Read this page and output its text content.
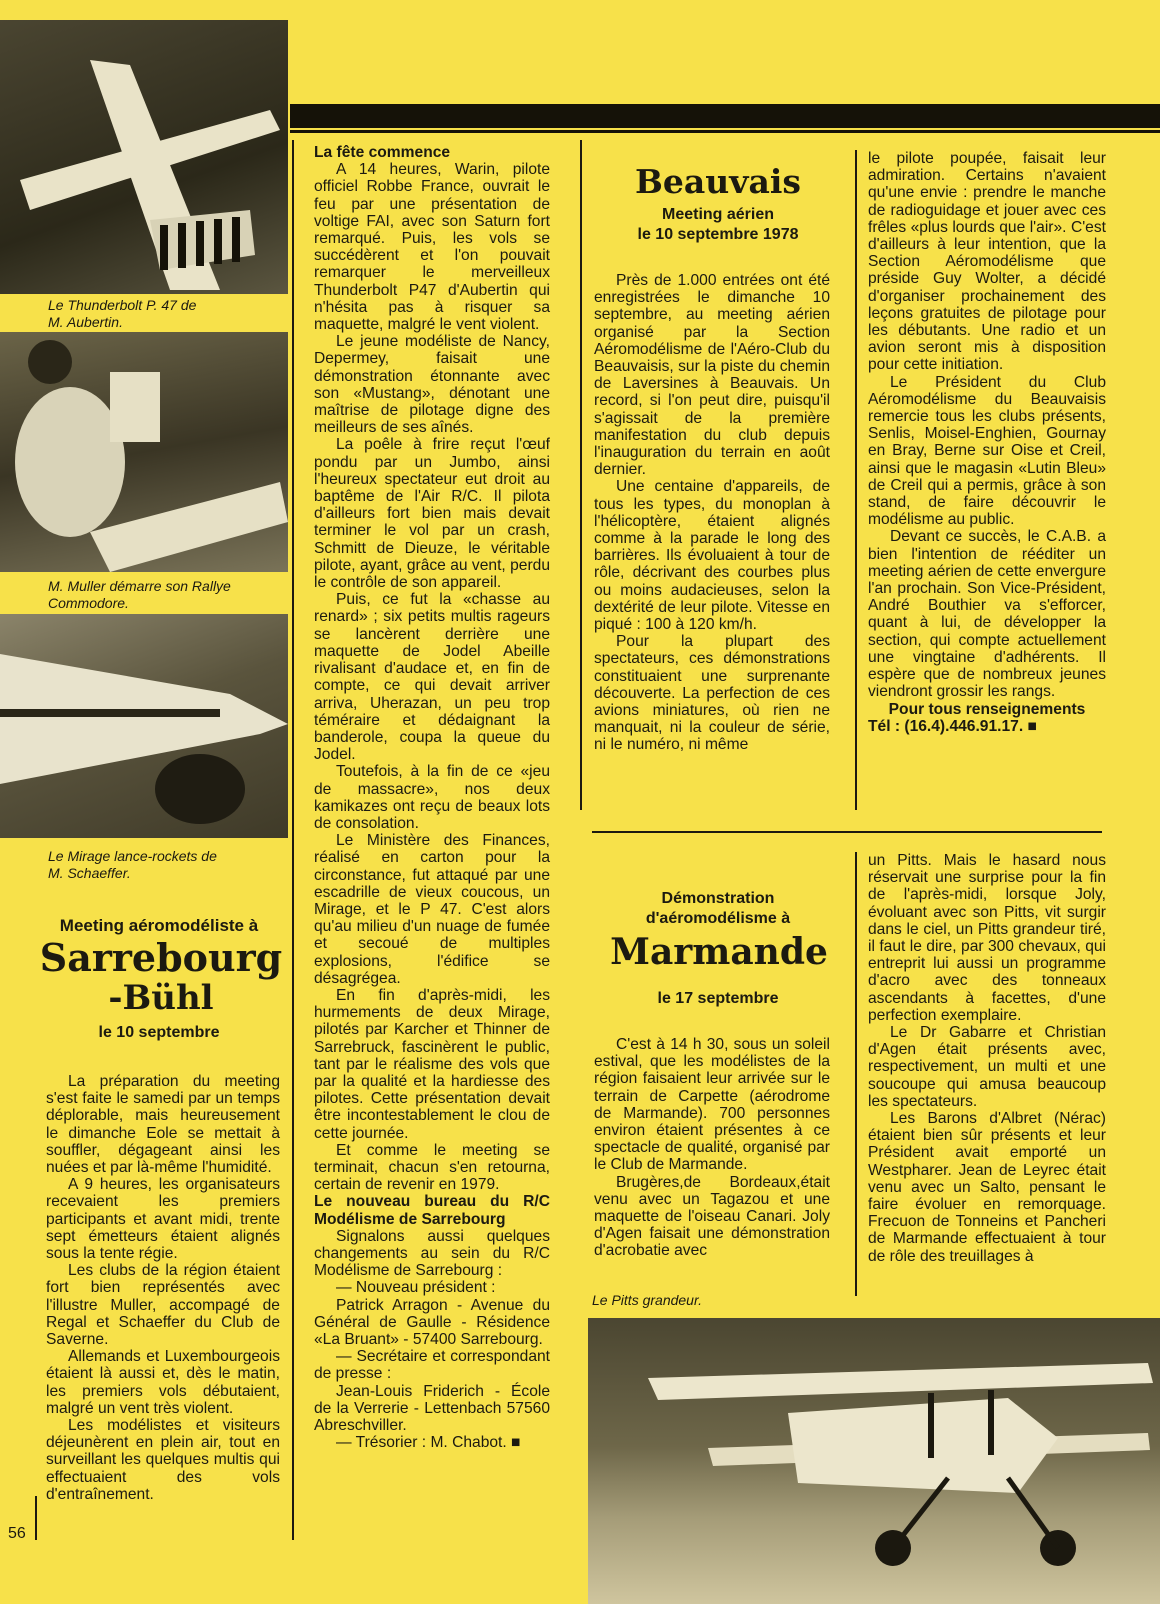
Le Thunderbolt P. 47 de
M. Aubertin.
M. Muller démarre son Rallye
Commodore.
Le Mirage lance-rockets de
M. Schaeffer.
Meeting aéromodéliste à
Sarrebourg
-Bühl
le 10 septembre

La préparation du meeting s'est faite le samedi par un temps déplorable, mais heureusement le dimanche Eole se mettait à souffler, dégageant ainsi les nuées et par là-même l'humidité.

A 9 heures, les organisateurs recevaient les premiers participants et avant midi, trente sept émetteurs étaient alignés sous la tente régie.

Les clubs de la région étaient fort bien représentés avec l'illustre Muller, accompagé de Regal et Schaeffer du Club de Saverne.

Allemands et Luxembourgeois étaient là aussi et, dès le matin, les premiers vols débutaient, malgré un vent très violent.

Les modélistes et visiteurs déjeunèrent en plein air, tout en surveillant les quelques multis qui effectuaient des vols d'entraînement.

56

La fête commence

A 14 heures, Warin, pilote officiel Robbe France, ouvrait le feu par une présentation de voltige FAI, avec son Saturn fort remarqué. Puis, les vols se succédèrent et l'on pouvait remarquer le merveilleux Thunderbolt P47 d'Aubertin qui n'hésita pas à risquer sa maquette, malgré le vent violent.

Le jeune modéliste de Nancy, Depermey, faisait une démonstration étonnante avec son «Mustang», dénotant une maîtrise de pilotage digne des meilleurs de ses aînés.

La poêle à frire reçut l'œuf pondu par un Jumbo, ainsi l'heureux spectateur eut droit au baptême de l'Air R/C. Il pilota d'ailleurs fort bien mais devait terminer le vol par un crash, Schmitt de Dieuze, le véritable pilote, ayant, grâce au vent, perdu le contrôle de son appareil.

Puis, ce fut la «chasse au renard» ; six petits multis rageurs se lancèrent derrière une maquette de Jodel Abeille rivalisant d'audace et, en fin de compte, ce qui devait arriver arriva, Uherazan, un peu trop téméraire et dédaignant la banderole, coupa la queue du Jodel.

Toutefois, à la fin de ce «jeu de massacre», nos deux kamikazes ont reçu de beaux lots de consolation.

Le Ministère des Finances, réalisé en carton pour la circonstance, fut attaqué par une escadrille de vieux coucous, un Mirage, et le P 47. C'est alors qu'au milieu d'un nuage de fumée et secoué de multiples explosions, l'édifice se désagrégea.

En fin d'après-midi, les hurmements de deux Mirage, pilotés par Karcher et Thinner de Sarrebruck, fascinèrent le public, tant par le réalisme des vols que par la qualité et la hardiesse des pilotes. Cette présentation devait être incontestablement le clou de cette journée.

Et comme le meeting se terminait, chacun s'en retourna, certain de revenir en 1979.

Le nouveau bureau du R/C Modélisme de Sarrebourg

Signalons aussi quelques changements au sein du R/C Modélisme de Sarrebourg :

— Nouveau président :

Patrick Arragon - Avenue du Général de Gaulle - Résidence «La Bruant» - 57400 Sarrebourg.

— Secrétaire et correspondant de presse :

Jean-Louis Friderich - École de la Verrerie - Lettenbach 57560 Abreschviller.

— Trésorier : M. Chabot. ■

Beauvais
Meeting aérien
le 10 septembre 1978

Près de 1.000 entrées ont été enregistrées le dimanche 10 septembre, au meeting aérien organisé par la Section Aéromodélisme de l'Aéro-Club du Beauvaisis, sur la piste du chemin de Laversines à Beauvais. Un record, si l'on peut dire, puisqu'il s'agissait de la première manifestation du club depuis l'inauguration du terrain en août dernier.

Une centaine d'appareils, de tous les types, du monoplan à l'hélicoptère, étaient alignés comme à la parade le long des barrières. Ils évoluaient à tour de rôle, décrivant des courbes plus ou moins audacieuses, selon la dextérité de leur pilote. Vitesse en piqué : 100 à 120 km/h.

Pour la plupart des spectateurs, ces démonstrations constituaient une surprenante découverte. La perfection de ces avions miniatures, où rien ne manquait, ni la couleur de série, ni le numéro, ni même

le pilote poupée, faisait leur admiration. Certains n'avaient qu'une envie : prendre le manche de radioguidage et jouer avec ces frêles «plus lourds que l'air». C'est d'ailleurs à leur intention, que la Section Aéromodélisme que préside Guy Wolter, a décidé d'organiser prochainement des leçons gratuites de pilotage pour les débutants. Une radio et un avion seront mis à disposition pour cette initiation.

Le Président du Club Aéromodélisme du Beauvaisis remercie tous les clubs présents, Senlis, Moisel-Enghien, Gournay en Bray, Berne sur Oise et Creil, ainsi que le magasin «Lutin Bleu» de Creil qui a permis, grâce à son stand, de faire découvrir le modélisme au public.

Devant ce succès, le C.A.B. a bien l'intention de rééditer un meeting aérien de cette envergure l'an prochain. Son Vice-Président, André Bouthier va s'efforcer, quant à lui, de développer la section, qui compte actuellement une vingtaine d'adhérents. Il espère que de nombreux jeunes viendront grossir les rangs.

Pour tous renseignements

Tél : (16.4).446.91.17. ■

Démonstration
d'aéromodélisme à
Marmande
le 17 septembre

C'est à 14 h 30, sous un soleil estival, que les modélistes de la région faisaient leur arrivée sur le terrain de Carpette (aérodrome de Marmande). 700 personnes environ étaient présentes à ce spectacle de qualité, organisé par le Club de Marmande.

Brugères,de Bordeaux,était venu avec un Tagazou et une maquette de l'oiseau Canari. Joly d'Agen faisait une démonstration d'acrobatie avec

Le Pitts grandeur.

un Pitts. Mais le hasard nous réservait une surprise pour la fin de l'après-midi, lorsque Joly, évoluant avec son Pitts, vit surgir dans le ciel, un Pitts grandeur tiré, il faut le dire, par 300 chevaux, qui entreprit lui aussi un programme d'acro avec des tonneaux ascendants à facettes, d'une perfection exemplaire.

Le Dr Gabarre et Christian d'Agen était présents avec, respectivement, un multi et une soucoupe qui amusa beaucoup les spectateurs.

Les Barons d'Albret (Nérac) étaient bien sûr présents et leur Président avait emporté un Westpharer. Jean de Leyrec était venu avec un Salto, pensant le faire évoluer en remorquage. Frecuon de Tonneins et Pancheri de Marmande effectuaient à tour de rôle des treuillages à
